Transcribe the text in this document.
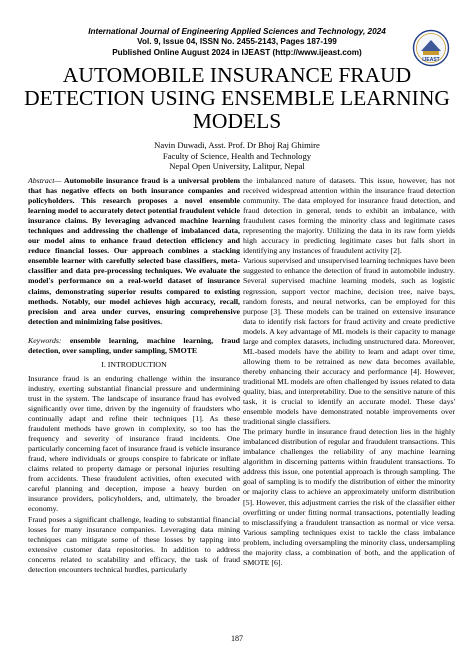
International Journal of Engineering Applied Sciences and Technology, 2024
Vol. 9, Issue 04, ISSN No. 2455-2143, Pages 187-199
Published Online August 2024 in IJEAST (http://www.ijeast.com)
IJEAST
AUTOMOBILE INSURANCE FRAUD
DETECTION USING ENSEMBLE LEARNING
MODELS
Navin Duwadi, Asst. Prof. Dr Bhoj Raj Ghimire
Faculty of Science, Health and Technology
Nepal Open University, Lalitpur, Nepal

Abstract— Automobile insurance fraud is a universal problem that has negative effects on both insurance companies and policyholders. This research proposes a novel ensemble learning model to accurately detect potential fraudulent vehicle insurance claims. By leveraging advanced machine learning techniques and addressing the challenge of imbalanced data, our model aims to enhance fraud detection efficiency and reduce financial losses. Our approach combines a stacking ensemble learner with carefully selected base classifiers, meta-classifier and data pre-processing techniques. We evaluate the model's performance on a real-world dataset of insurance claims, demonstrating superior results compared to existing methods. Notably, our model achieves high accuracy, recall, precision and area under curves, ensuring comprehensive detection and minimizing false positives.

Keywords: ensemble learning, machine learning, fraud detection, over sampling, under sampling, SMOTE

I. INTRODUCTION

Insurance fraud is an enduring challenge within the insurance industry, exerting substantial financial pressure and undermining trust in the system. The landscape of insurance fraud has evolved significantly over time, driven by the ingenuity of fraudsters who continually adapt and refine their techniques [1]. As these fraudulent methods have grown in complexity, so too has the frequency and severity of insurance fraud incidents. One particularly concerning facet of insurance fraud is vehicle insurance fraud, where individuals or groups conspire to fabricate or inflate claims related to property damage or personal injuries resulting from accidents. These fraudulent activities, often executed with careful planning and deception, impose a heavy burden on insurance providers, policyholders, and, ultimately, the broader economy.

Fraud poses a significant challenge, leading to substantial financial losses for many insurance companies. Leveraging data mining techniques can mitigate some of these losses by tapping into extensive customer data repositories. In addition to address concerns related to scalability and efficacy, the task of fraud detection encounters technical hurdles, particularly

the imbalanced nature of datasets. This issue, however, has not received widespread attention within the insurance fraud detection community. The data employed for insurance fraud detection, and fraud detection in general, tends to exhibit an imbalance, with fraudulent cases forming the minority class and legitimate cases representing the majority. Utilizing the data in its raw form yields high accuracy in predicting legitimate cases but falls short in identifying any instances of fraudulent activity [2].

Various supervised and unsupervised learning techniques have been suggested to enhance the detection of fraud in automobile industry. Several supervised machine learning models, such as logistic regression, support vector machine, decision tree, naive bays, random forests, and neural networks, can be employed for this purpose [3]. These models can be trained on extensive insurance data to identify risk factors for fraud activity and create predictive models. A key advantage of ML models is their capacity to manage large and complex datasets, including unstructured data. Moreover, ML-based models have the ability to learn and adapt over time, allowing them to be retrained as new data becomes available, thereby enhancing their accuracy and performance [4]. However, traditional ML models are often challenged by issues related to data quality, bias, and interpretability. Due to the sensitive nature of this task, it is crucial to identify an accurate model. These days' ensemble models have demonstrated notable improvements over traditional single classifiers.

The primary hurdle in insurance fraud detection lies in the highly imbalanced distribution of regular and fraudulent transactions. This imbalance challenges the reliability of any machine learning algorithm in discerning patterns within fraudulent transactions. To address this issue, one potential approach is through sampling. The goal of sampling is to modify the distribution of either the minority or majority class to achieve an approximately uniform distribution [5]. However, this adjustment carries the risk of the classifier either overfitting or under fitting normal transactions, potentially leading to misclassifying a fraudulent transaction as normal or vice versa. Various sampling techniques exist to tackle the class imbalance problem, including oversampling the minority class, undersampling the majority class, a combination of both, and the application of SMOTE [6].

187
